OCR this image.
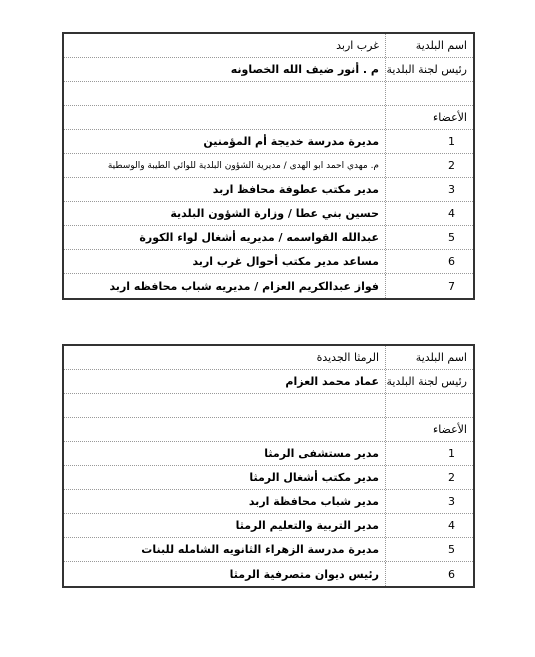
اسم البلدية
غرب اربد
رئيس لجنة البلدية
م . أنور ضيف الله الخصاونه
الأعضاء
1
مديرة مدرسة خديجة أم المؤمنين
2
م. مهدي احمد ابو الهدى / مديرية الشؤون البلدية للوائي الطيبة والوسطية
3
مدير مكتب عطوفة محافظ اربد
4
حسين بني عطا / وزارة الشؤون البلدية
5
عبدالله القواسمه / مديريه أشغال لواء الكورة
6
مساعد مدير مكتب أحوال غرب اربد
7
فواز عبدالكريم العزام / مديريه شباب محافظه اربد
اسم البلدية
الرمثا الجديدة
رئيس لجنة البلدية
عماد محمد العزام
الأعضاء
1
مدير مستشفى الرمثا
2
مدير مكتب أشغال الرمثا
3
مدير شباب محافظة اربد
4
مدير التربية والتعليم الرمثا
5
مديرة مدرسة الزهراء الثانويه الشامله للبنات
6
رئيس ديوان متصرفية الرمثا
